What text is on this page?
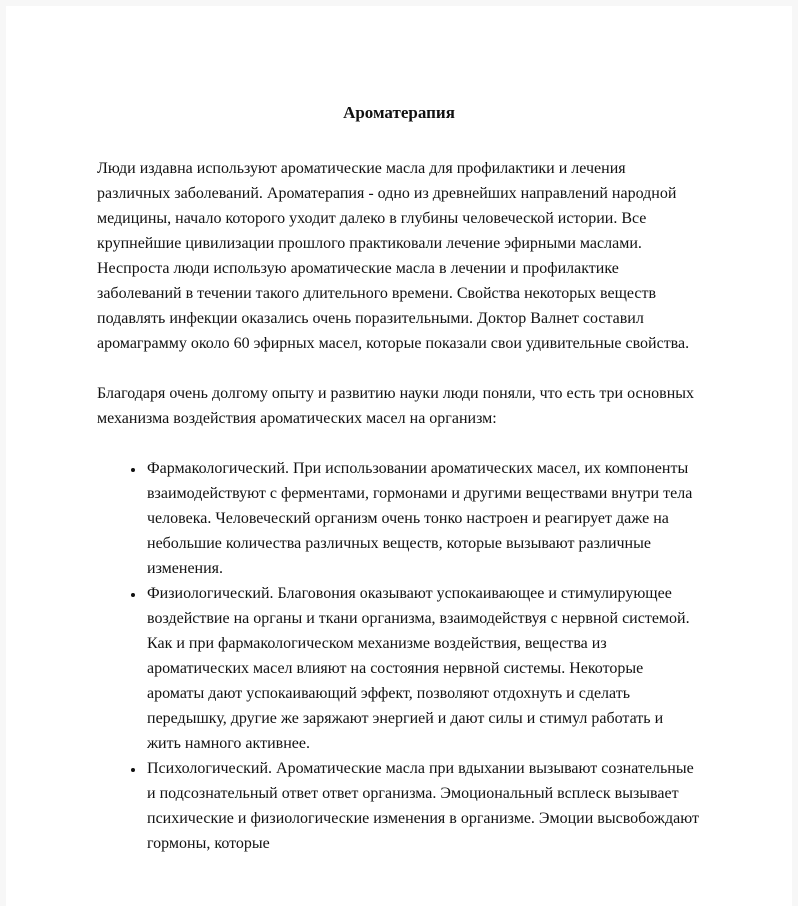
Ароматерапия

Люди издавна используют ароматические масла для профилактики и лечения различных заболеваний. Ароматерапия - одно из древнейших направлений народной медицины, начало которого уходит далеко в глубины человеческой истории. Все крупнейшие цивилизации прошлого практиковали лечение эфирными маслами. Неспроста люди использую ароматические масла в лечении и профилактике заболеваний в течении такого длительного времени. Свойства некоторых веществ подавлять инфекции оказались очень поразительными. Доктор Валнет составил аромаграмму около 60 эфирных масел, которые показали свои удивительные свойства.

Благодаря очень долгому опыту и развитию науки люди поняли, что есть три основных механизма воздействия ароматических масел на организм:

• Фармакологический. При использовании ароматических масел, их компоненты взаимодействуют с ферментами, гормонами и другими веществами внутри тела человека. Человеческий организм очень тонко настроен и реагирует даже на небольшие количества различных веществ, которые вызывают различные изменения.
• Физиологический. Благовония оказывают успокаивающее и стимулирующее воздействие на органы и ткани организма, взаимодействуя с нервной системой. Как и при фармакологическом механизме воздействия, вещества из ароматических масел влияют на состояния нервной системы. Некоторые ароматы дают успокаивающий эффект, позволяют отдохнуть и сделать передышку, другие же заряжают энергией и дают силы и стимул работать и жить намного активнее.
• Психологический. Ароматические масла при вдыхании вызывают сознательные и подсознательный ответ ответ организма. Эмоциональный всплеск вызывает психические и физиологические изменения в организме. Эмоции высвобождают гормоны, которые
